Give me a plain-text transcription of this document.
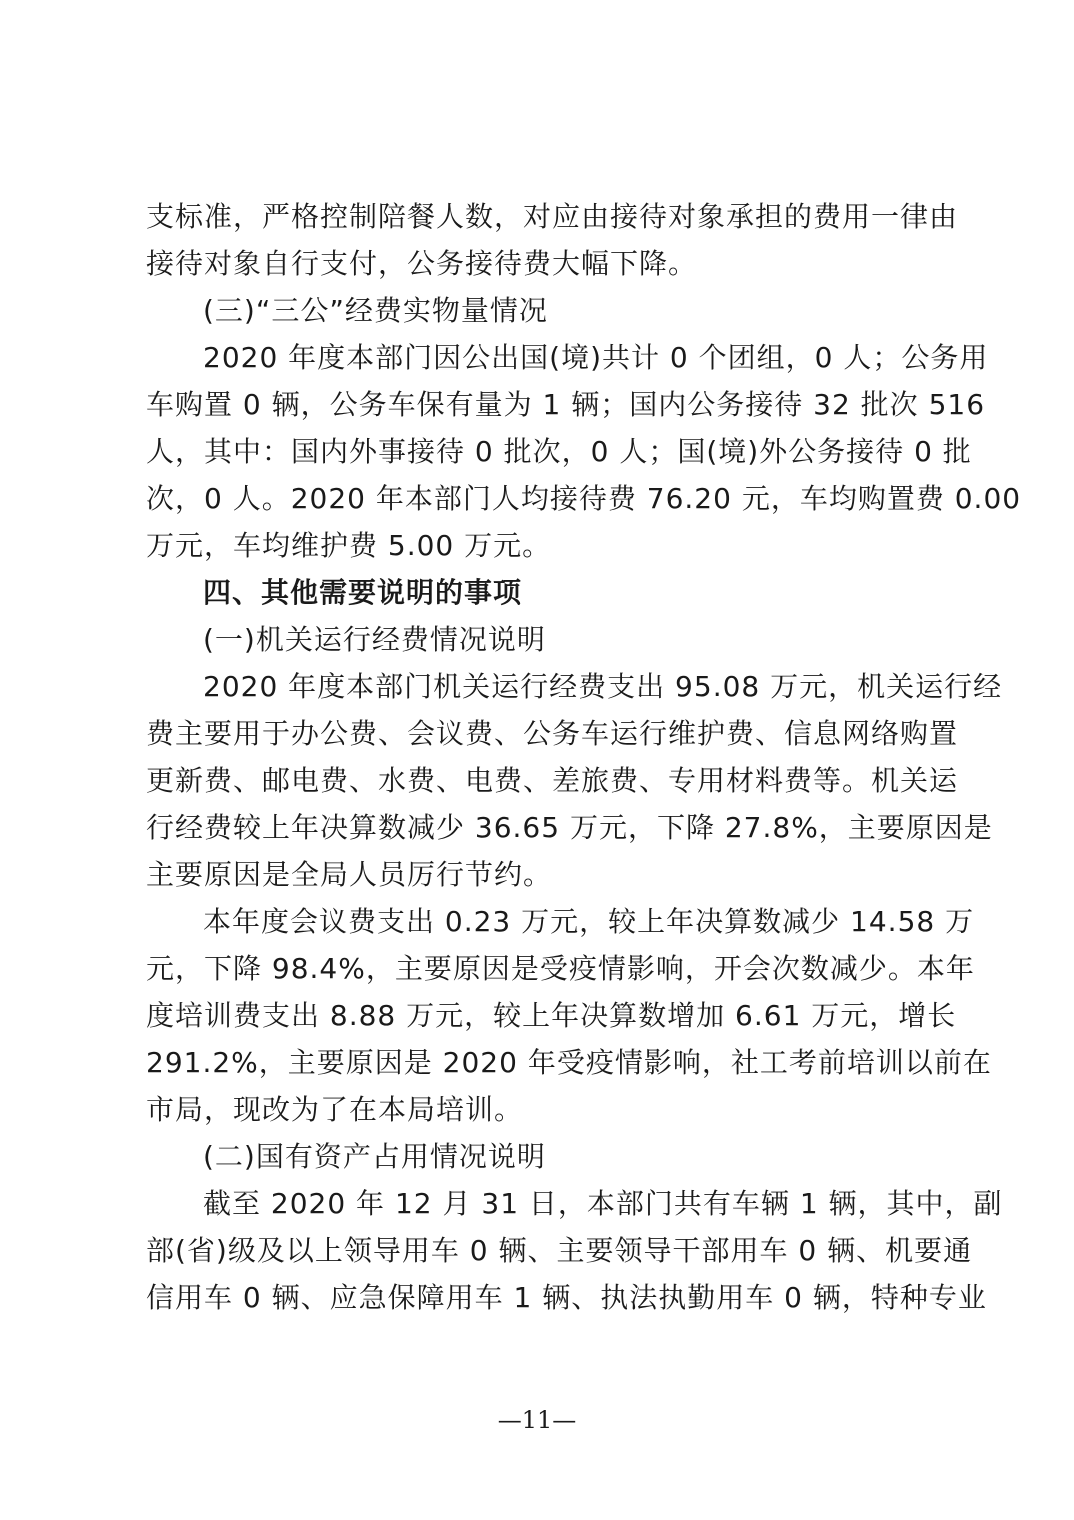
支标准，严格控制陪餐人数，对应由接待对象承担的费用一律由
接待对象自行支付，公务接待费大幅下降。
(三)“三公”经费实物量情况
2020 年度本部门因公出国(境)共计 0 个团组，0 人；公务用
车购置 0 辆，公务车保有量为 1 辆；国内公务接待 32 批次 516
人，其中：国内外事接待 0 批次，0 人；国(境)外公务接待 0 批
次，0 人。2020 年本部门人均接待费 76.20 元，车均购置费 0.00
万元，车均维护费 5.00 万元。
四、其他需要说明的事项
(一)机关运行经费情况说明
2020 年度本部门机关运行经费支出 95.08 万元，机关运行经
费主要用于办公费、会议费、公务车运行维护费、信息网络购置
更新费、邮电费、水费、电费、差旅费、专用材料费等。机关运
行经费较上年决算数减少 36.65 万元，下降 27.8%，主要原因是
主要原因是全局人员厉行节约。
本年度会议费支出 0.23 万元，较上年决算数减少 14.58 万
元，下降 98.4%，主要原因是受疫情影响，开会次数减少。本年
度培训费支出 8.88 万元，较上年决算数增加 6.61 万元，增长
291.2%，主要原因是 2020 年受疫情影响，社工考前培训以前在
市局，现改为了在本局培训。
(二)国有资产占用情况说明
截至 2020 年 12 月 31 日，本部门共有车辆 1 辆，其中，副
部(省)级及以上领导用车 0 辆、主要领导干部用车 0 辆、机要通
信用车 0 辆、应急保障用车 1 辆、执法执勤用车 0 辆，特种专业
—11—
